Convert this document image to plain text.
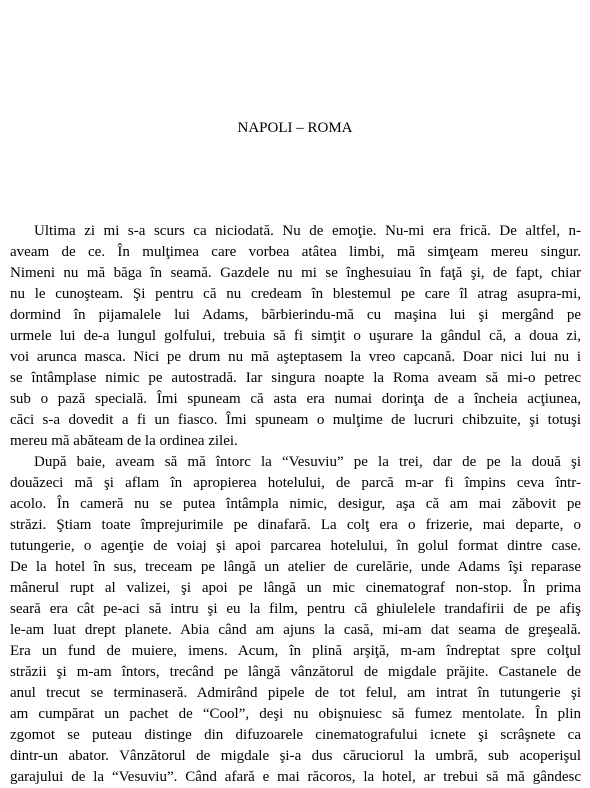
NAPOLI – ROMA
Ultima zi mi s-a scurs ca niciodată. Nu de emoţie. Nu-mi era frică. De altfel, n-
aveam de ce. În mulţimea care vorbea atâtea limbi, mă simţeam mereu singur.
Nimeni nu mă băga în seamă. Gazdele nu mi se înghesuiau în faţă şi, de fapt, chiar
nu le cunoşteam. Şi pentru că nu credeam în blestemul pe care îl atrag asupra-mi,
dormind în pijamalele lui Adams, bărbierindu-mă cu maşina lui şi mergând pe
urmele lui de-a lungul golfului, trebuia să fi simţit o uşurare la gândul că, a doua zi,
voi arunca masca. Nici pe drum nu mă aşteptasem la vreo capcană. Doar nici lui nu i
se întâmplase nimic pe autostradă. Iar singura noapte la Roma aveam să mi-o petrec
sub o pază specială. Îmi spuneam că asta era numai dorinţa de a încheia acţiunea,
căci s-a dovedit a fi un fiasco. Îmi spuneam o mulţime de lucruri chibzuite, şi totuşi
mereu mă abăteam de la ordinea zilei.
După baie, aveam să mă întorc la “Vesuviu” pe la trei, dar de pe la două şi
douăzeci mă şi aflam în apropierea hotelului, de parcă m-ar fi împins ceva într-
acolo. În cameră nu se putea întâmpla nimic, desigur, aşa că am mai zăbovit pe
străzi. Ştiam toate împrejurimile pe dinafară. La colţ era o frizerie, mai departe, o
tutungerie, o agenţie de voiaj şi apoi parcarea hotelului, în golul format dintre case.
De la hotel în sus, treceam pe lângă un atelier de curelărie, unde Adams îşi reparase
mânerul rupt al valizei, şi apoi pe lângă un mic cinematograf non-stop. În prima
seară era cât pe-aci să intru şi eu la film, pentru că ghiulelele trandafirii de pe afiş
le-am luat drept planete. Abia când am ajuns la casă, mi-am dat seama de greşeală.
Era un fund de muiere, imens. Acum, în plină arşiţă, m-am îndreptat spre colţul
străzii şi m-am întors, trecând pe lângă vânzătorul de migdale prăjite. Castanele de
anul trecut se terminaseră. Admirând pipele de tot felul, am intrat în tutungerie şi
am cumpărat un pachet de “Cool”, deşi nu obişnuiesc să fumez mentolate. În plin
zgomot se puteau distinge din difuzoarele cinematografului icnete şi scrâşnete ca
dintr-un abator. Vânzătorul de migdale şi-a dus căruciorul la umbră, sub acoperişul
garajului de la “Vesuviu”. Când afară e mai răcoros, la hotel, ar trebui să mă gândesc
